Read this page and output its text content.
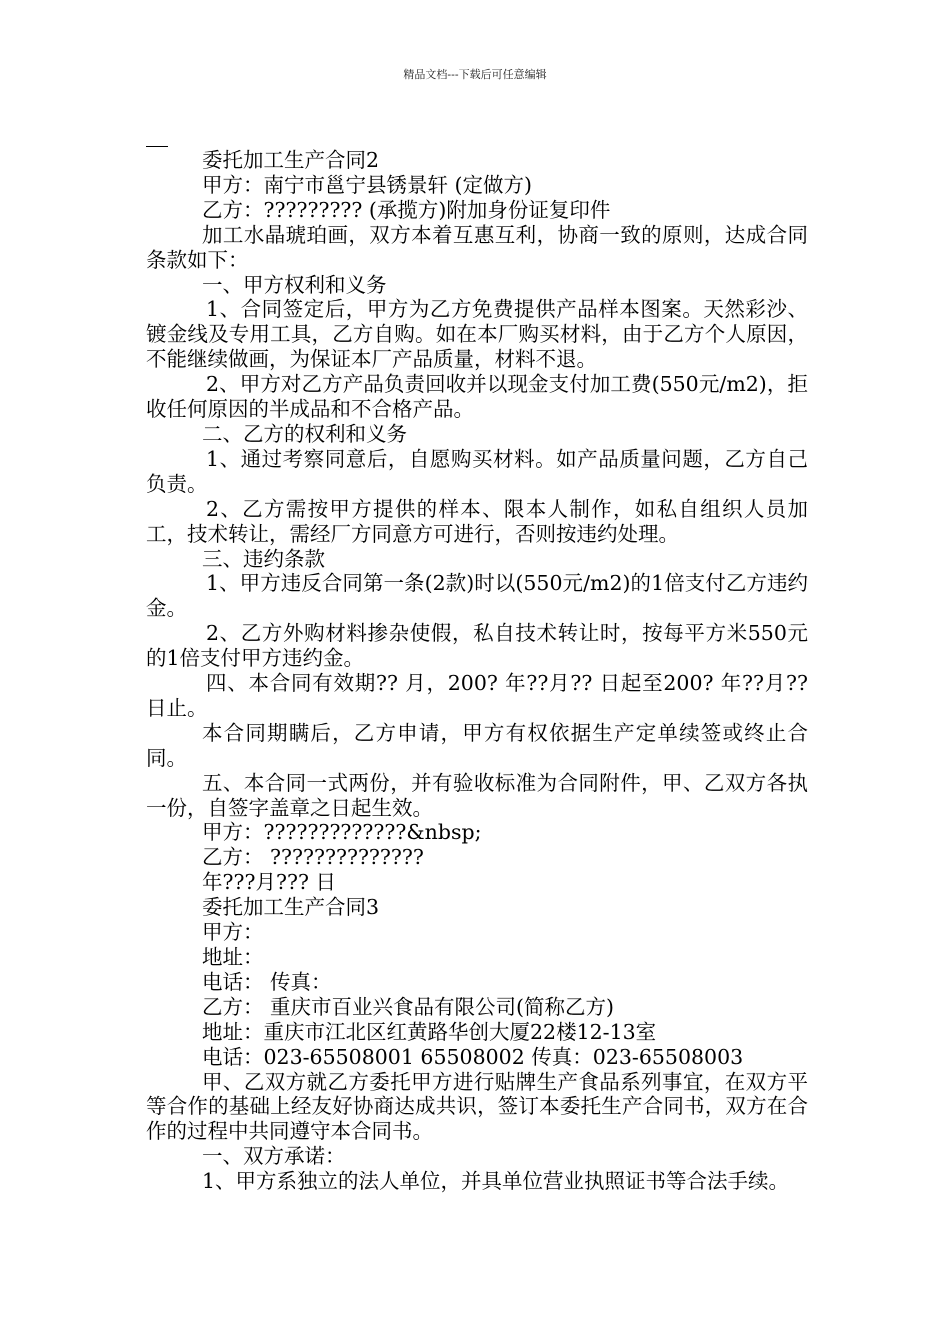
精品文档---下载后可任意编辑

委托加工生产合同2

甲方：南宁市邕宁县锈景轩 (定做方)

乙方：????????? (承揽方)附加身份证复印件

加工水晶琥珀画，双方本着互惠互利，协商一致的原则，达成合同条款如下：

一、甲方权利和义务

1、合同签定后，甲方为乙方免费提供产品样本图案。天然彩沙、镀金线及专用工具，乙方自购。如在本厂购买材料，由于乙方个人原因，不能继续做画，为保证本厂产品质量，材料不退。

2、甲方对乙方产品负责回收并以现金支付加工费(550元/m2)，拒收任何原因的半成品和不合格产品。

二、乙方的权利和义务

1、通过考察同意后，自愿购买材料。如产品质量问题，乙方自己负责。

2、乙方需按甲方提供的样本、限本人制作，如私自组织人员加工，技术转让，需经厂方同意方可进行，否则按违约处理。

三、违约条款

1、甲方违反合同第一条(2款)时以(550元/m2)的1倍支付乙方违约金。

2、乙方外购材料掺杂使假，私自技术转让时，按每平方米550元的1倍支付甲方违约金。

四、本合同有效期?? 月，200? 年??月?? 日起至200? 年??月?? 日止。

本合同期瞒后，乙方申请，甲方有权依据生产定单续签或终止合同。

五、本合同一式两份，并有验收标准为合同附件，甲、乙双方各执一份，自签字盖章之日起生效。

甲方：?????????????&nbsp;

乙方： ??????????????

年???月??? 日

委托加工生产合同3

甲方：

地址：

电话： 传真：

乙方： 重庆市百业兴食品有限公司(简称乙方)

地址：重庆市江北区红黄路华创大厦22楼12-13室

电话：023-65508001 65508002 传真：023-65508003

甲、乙双方就乙方委托甲方进行贴牌生产食品系列事宜，在双方平等合作的基础上经友好协商达成共识，签订本委托生产合同书，双方在合作的过程中共同遵守本合同书。

一、双方承诺：

1、甲方系独立的法人单位，并具单位营业执照证书等合法手续。
